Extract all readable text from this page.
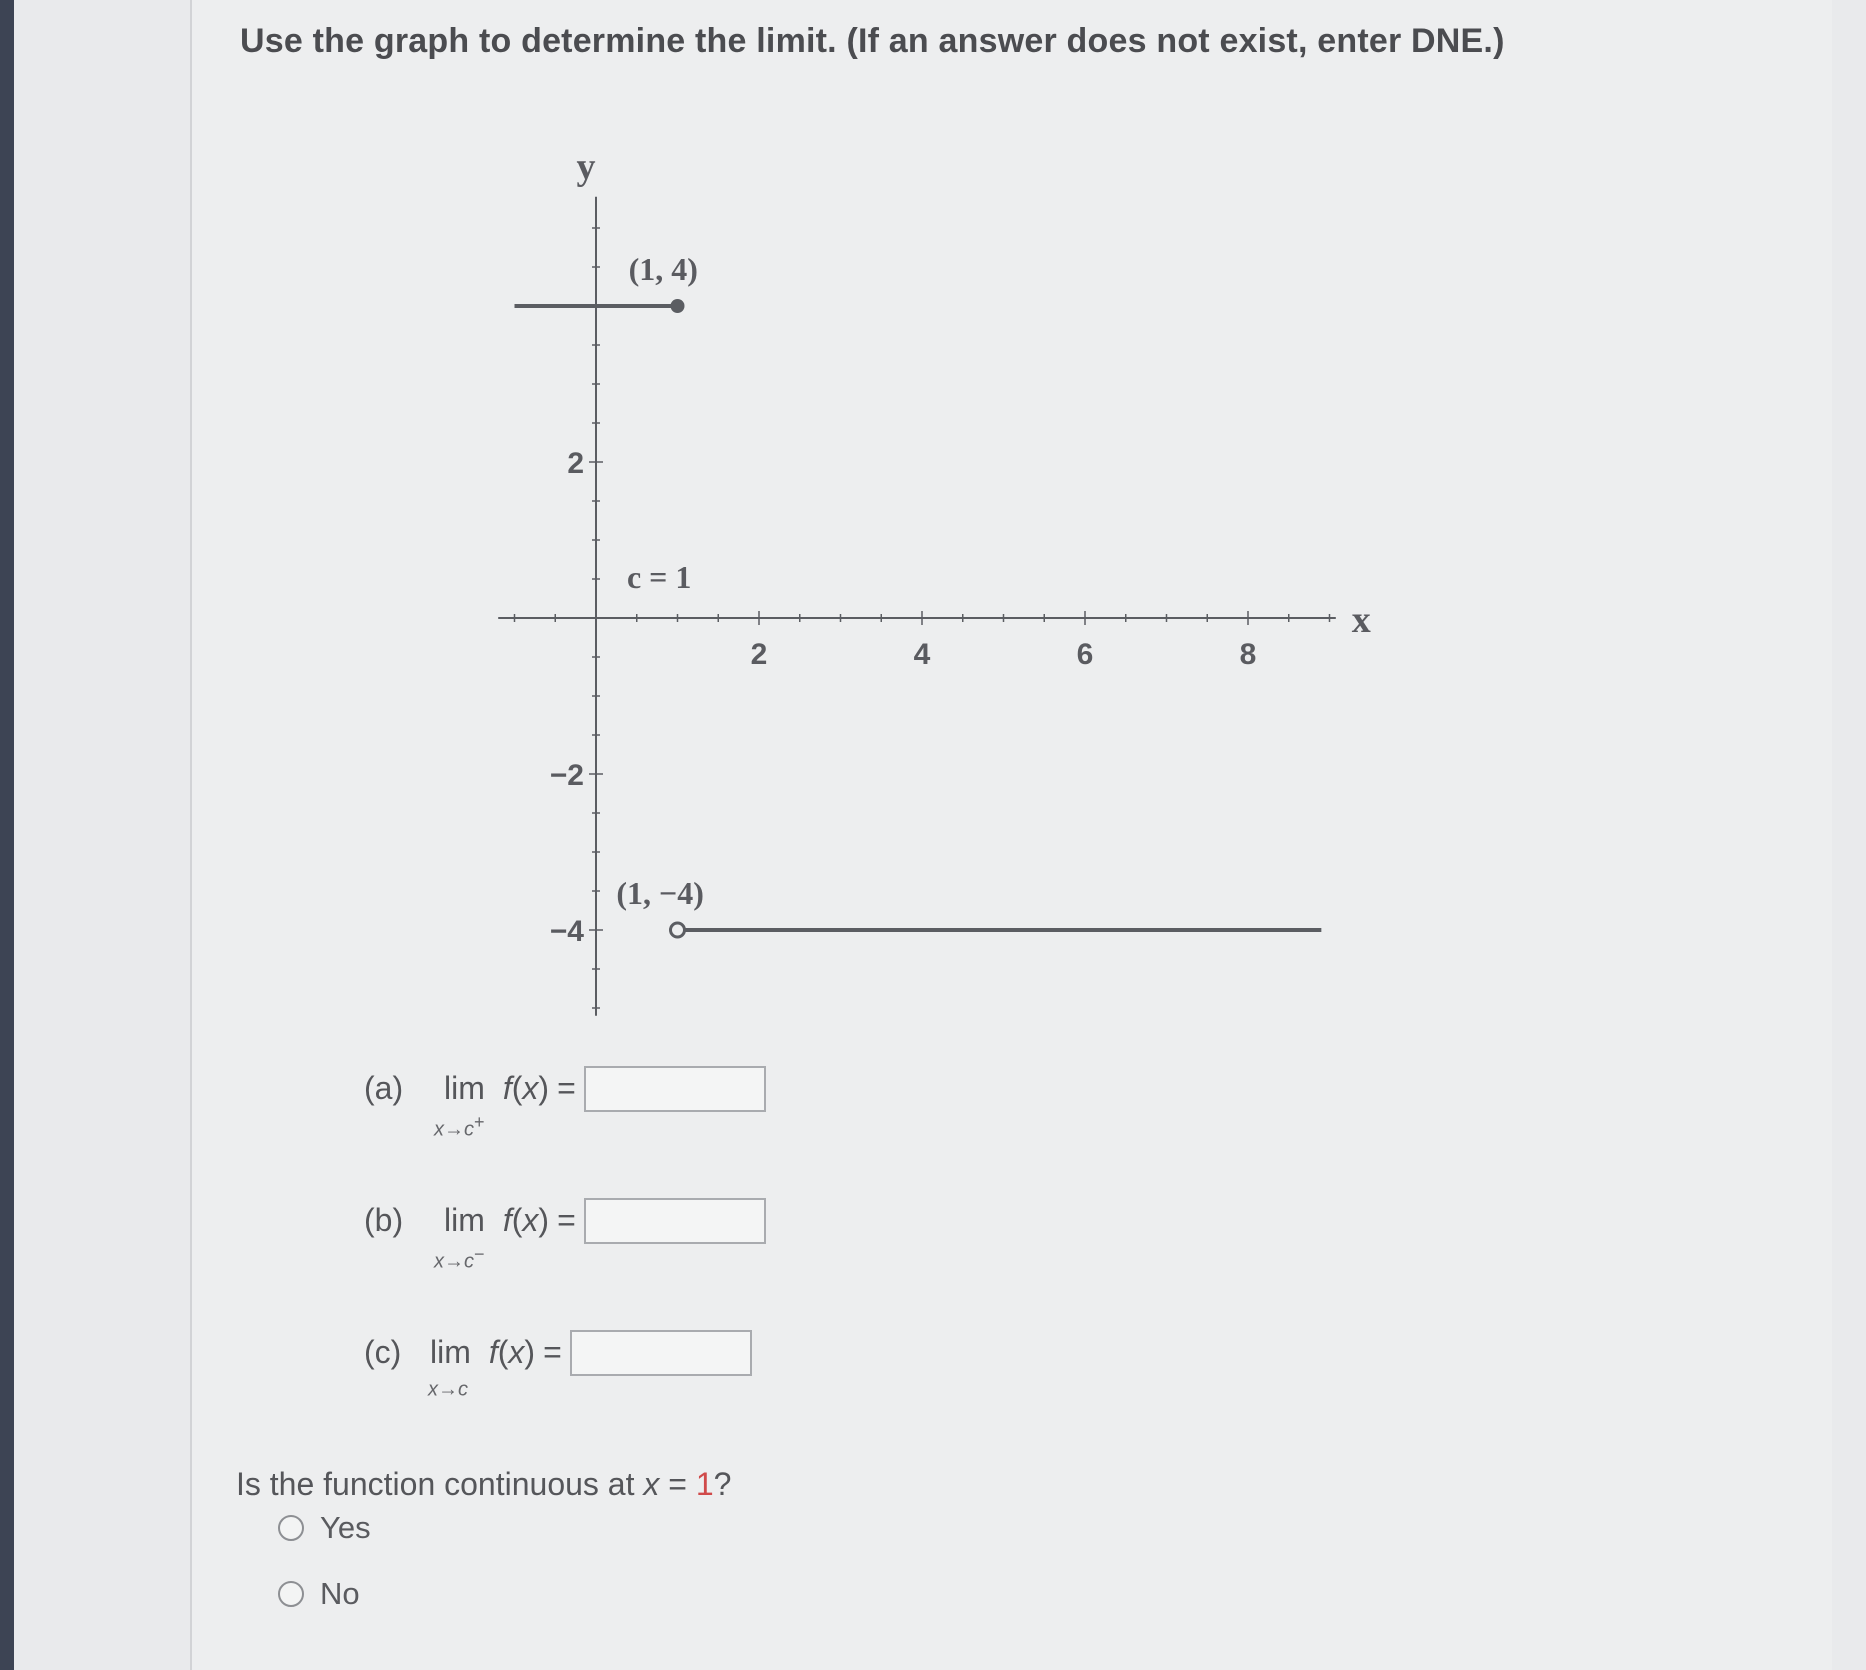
Use the graph to determine the limit. (If an answer does not exist, enter DNE.)
2	4	6	8
2
−2
−4
x
y
(1, 4)
(1, −4)
c = 1
(a)	lim
x→c+
f(x) =
(b)	lim
x→c−
f(x) =
(c) lim
x→c
f(x) =
Is the function continuous at x = 1?
Yes
No
